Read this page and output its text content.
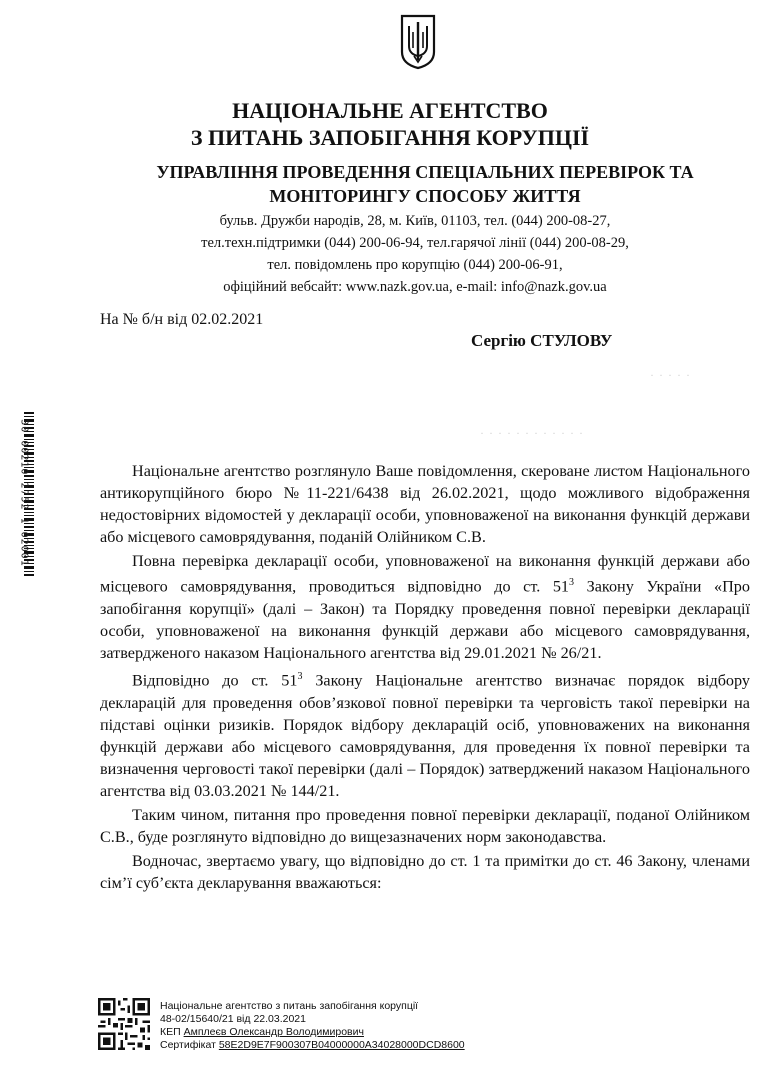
НАЦІОНАЛЬНЕ АГЕНТСТВО
З ПИТАНЬ ЗАПОБІГАННЯ КОРУПЦІЇ
УПРАВЛІННЯ ПРОВЕДЕННЯ СПЕЦІАЛЬНИХ ПЕРЕВІРОК ТА
МОНІТОРИНГУ СПОСОБУ ЖИТТЯ
бульв. Дружби народів, 28, м. Київ, 01103, тел. (044) 200-08-27,
тел.техн.підтримки (044) 200-06-94, тел.гарячої лінії (044) 200-08-29,
тел. повідомлень про корупцію (044) 200-06-91,
офіційний вебсайт: www.nazk.gov.ua, e-mail: info@nazk.gov.ua
На № б/н від 02.02.2021
Сергію СТУЛОВУ
· · · · ·
· · · · · · · · · · · ·
30 00210 2752 1 02001	Національне агентство розглянуло Ваше повідомлення, скероване листом Національного антикорупційного бюро №11-221/6438 від 26.02.2021, щодо можливого відображення недостовірних відомостей у декларації особи, уповноваженої на виконання функцій держави або місцевого самоврядування, поданій Олійником С.В.

Повна перевірка декларації особи, уповноваженої на виконання функцій держави або місцевого самоврядування, проводиться відповідно до ст. $51^3$ Закону України «Про запобігання корупції» (далі – Закон) та Порядку проведення повної перевірки декларації особи, уповноваженої на виконання функцій держави або місцевого самоврядування, затвердженого наказом Національного агентства від 29.01.2021 № 26/21.

Відповідно до ст. $51^3$ Закону Національне агентство визначає порядок відбору декларацій для проведення обов’язкової повної перевірки та черговість такої перевірки на підставі оцінки ризиків. Порядок відбору декларацій осіб, уповноважених на виконання функцій держави або місцевого самоврядування, для проведення їх повної перевірки та визначення черговості такої перевірки (далі – Порядок) затверджений наказом Національного агентства від 03.03.2021 № 144/21.

Таким чином, питання про проведення повної перевірки декларації, поданої Олійником С.В., буде розглянуто відповідно до вищезазначених норм законодавства.

Водночас, звертаємо увагу, що відповідно до ст. 1 та примітки до ст. 46 Закону, членами сім’ї суб’єкта декларування вважаються:

Національне агентство з питань запобігання корупції
48-02/15640/21 від 22.03.2021
КЕП Амплеєв Олександр Володимирович
Сертифікат 58E2D9E7F900307B04000000A34028000DCD8600
